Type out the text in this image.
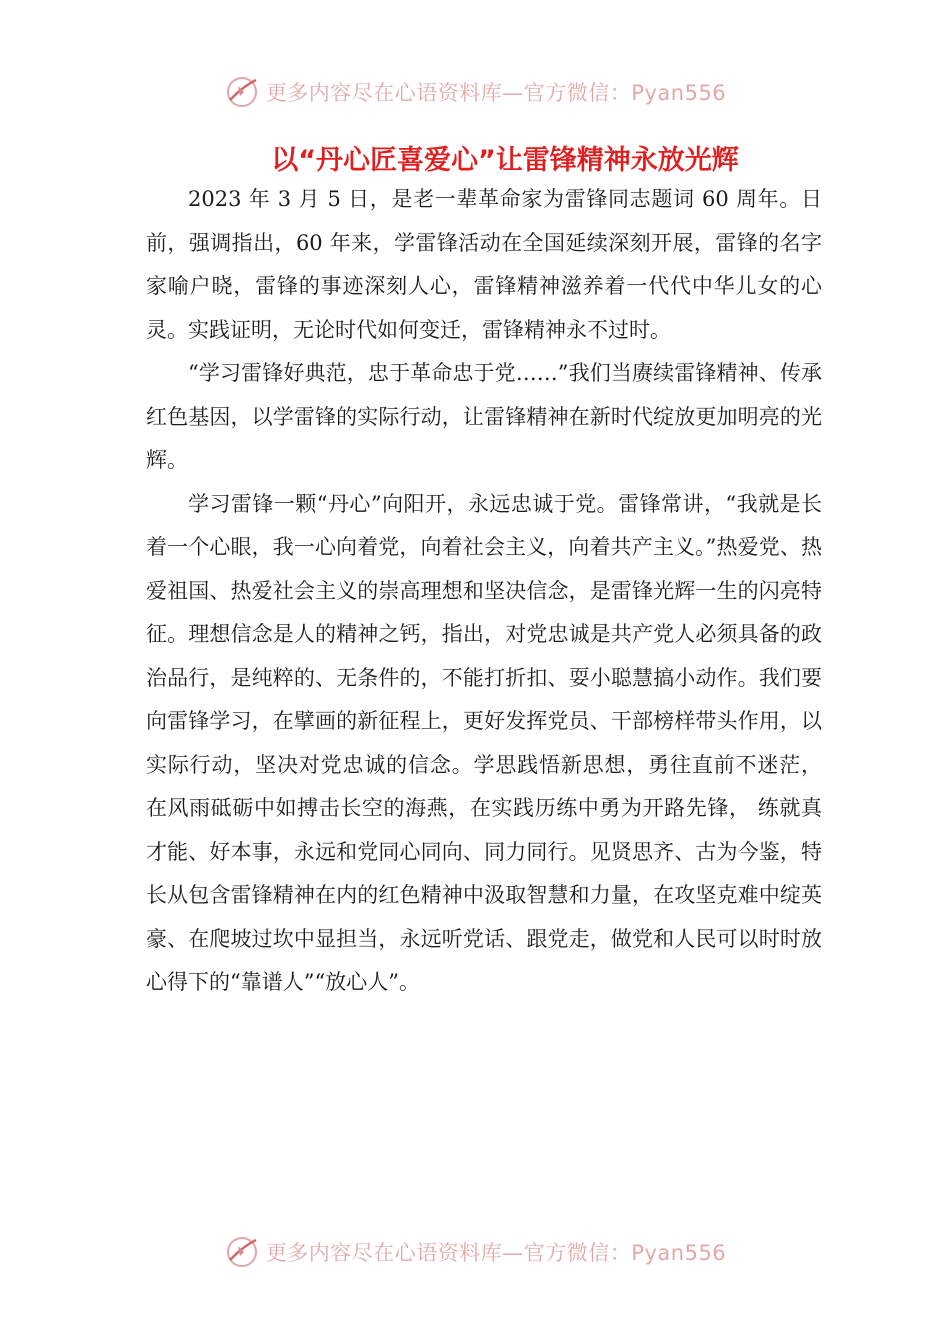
更多内容尽在心语资料库—官方微信：Pyan556
以“丹心匠喜爱心”让雷锋精神永放光辉

2023 年 3 月 5 日，是老一辈革命家为雷锋同志题词 60 周年。日前，强调指出，60 年来，学雷锋活动在全国延续深刻开展，雷锋的名字家喻户晓，雷锋的事迹深刻人心，雷锋精神滋养着一代代中华儿女的心灵。实践证明，无论时代如何变迁，雷锋精神永不过时。

“学习雷锋好典范，忠于革命忠于党……”我们当赓续雷锋精神、传承红色基因，以学雷锋的实际行动，让雷锋精神在新时代绽放更加明亮的光辉。

学习雷锋一颗“丹心”向阳开，永远忠诚于党。雷锋常讲，“我就是长着一个心眼，我一心向着党，向着社会主义，向着共产主义。”热爱党、热爱祖国、热爱社会主义的崇高理想和坚决信念，是雷锋光辉一生的闪亮特征。理想信念是人的精神之钙，指出，对党忠诚是共产党人必须具备的政治品行，是纯粹的、无条件的，不能打折扣、耍小聪慧搞小动作。我们要向雷锋学习，在擘画的新征程上，更好发挥党员、干部榜样带头作用，以实际行动，坚决对党忠诚的信念。学思践悟新思想，勇往直前不迷茫， 在风雨砥砺中如搏击长空的海燕，在实践历练中勇为开路先锋， 练就真才能、好本事，永远和党同心同向、同力同行。见贤思齐、古为今鉴，特长从包含雷锋精神在内的红色精神中汲取智慧和力量，在攻坚克难中绽英豪、在爬坡过坎中显担当，永远听党话、跟党走，做党和人民可以时时放心得下的“靠谱人”“放心人”。

更多内容尽在心语资料库—官方微信：Pyan556
